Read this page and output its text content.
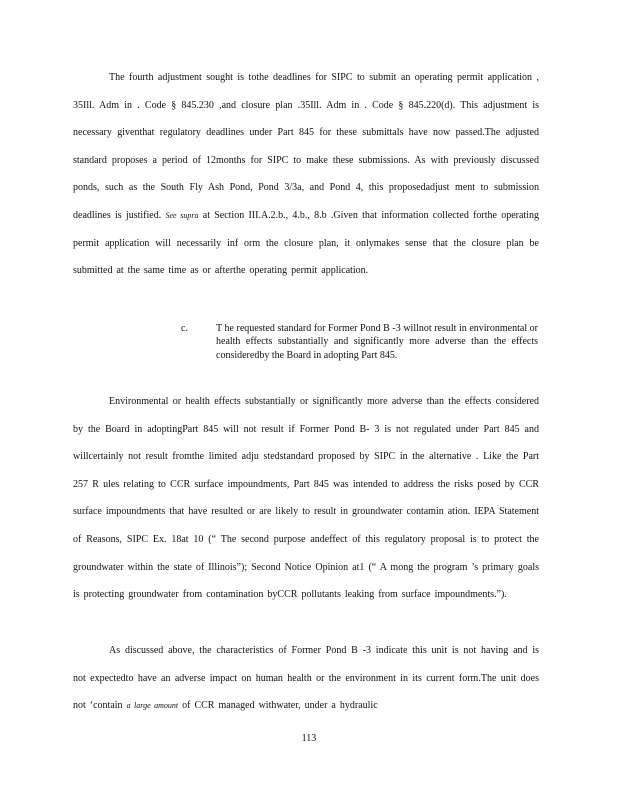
The fourth adjustment sought is tothe deadlines for SIPC to submit an operating permit application , 35Ill. Adm in . Code § 845.230 ,and closure plan .35Ill. Adm in . Code § 845.220(d). This adjustment is necessary giventhat regulatory deadlines under Part 845 for these submittals have now passed.The adjusted standard proposes a period of 12months for SIPC to make these submissions. As with previously discussed ponds, such as the South Fly Ash Pond, Pond 3/3a, and Pond 4, this proposedadjust ment to submission deadlines is justified. See supra at Section III.A.2.b., 4.b., 8.b .Given that information collected forthe operating permit application will necessarily inf orm the closure plan, it onlymakes sense that the closure plan be submitted at the same time as or afterthe operating permit application.

c.	T he requested standard for Former Pond B -3 willnot result in environmental or health effects substantially and significantly more adverse than the effects consideredby the Board in adopting Part 845.

Environmental or health effects substantially or significantly more adverse than the effects considered by the Board in adoptingPart 845 will not result if Former Pond B- 3 is not regulated under Part 845 and willcertainly not result fromthe limited adju stedstandard proposed by SIPC in the alternative . Like the Part 257 R ules relating to CCR surface impoundments, Part 845 was intended to address the risks posed by CCR surface impoundments that have resulted or are likely to result in groundwater contamin ation. IEPA Statement of Reasons, SIPC Ex. 18at 10 (“ The second purpose andeffect of this regulatory proposal is to protect the groundwater within the state of Illinois”); Second Notice Opinion at1 (“ A mong the program ’s primary goals is protecting groundwater from contamination byCCR pollutants leaking from surface impoundments.”).

As discussed above, the characteristics of Former Pond B -3 indicate this unit is not having and is not expectedto have an adverse impact on human health or the environment in its current form.The unit does not ‘contain a large amount of CCR managed withwater, under a hydraulic

113
